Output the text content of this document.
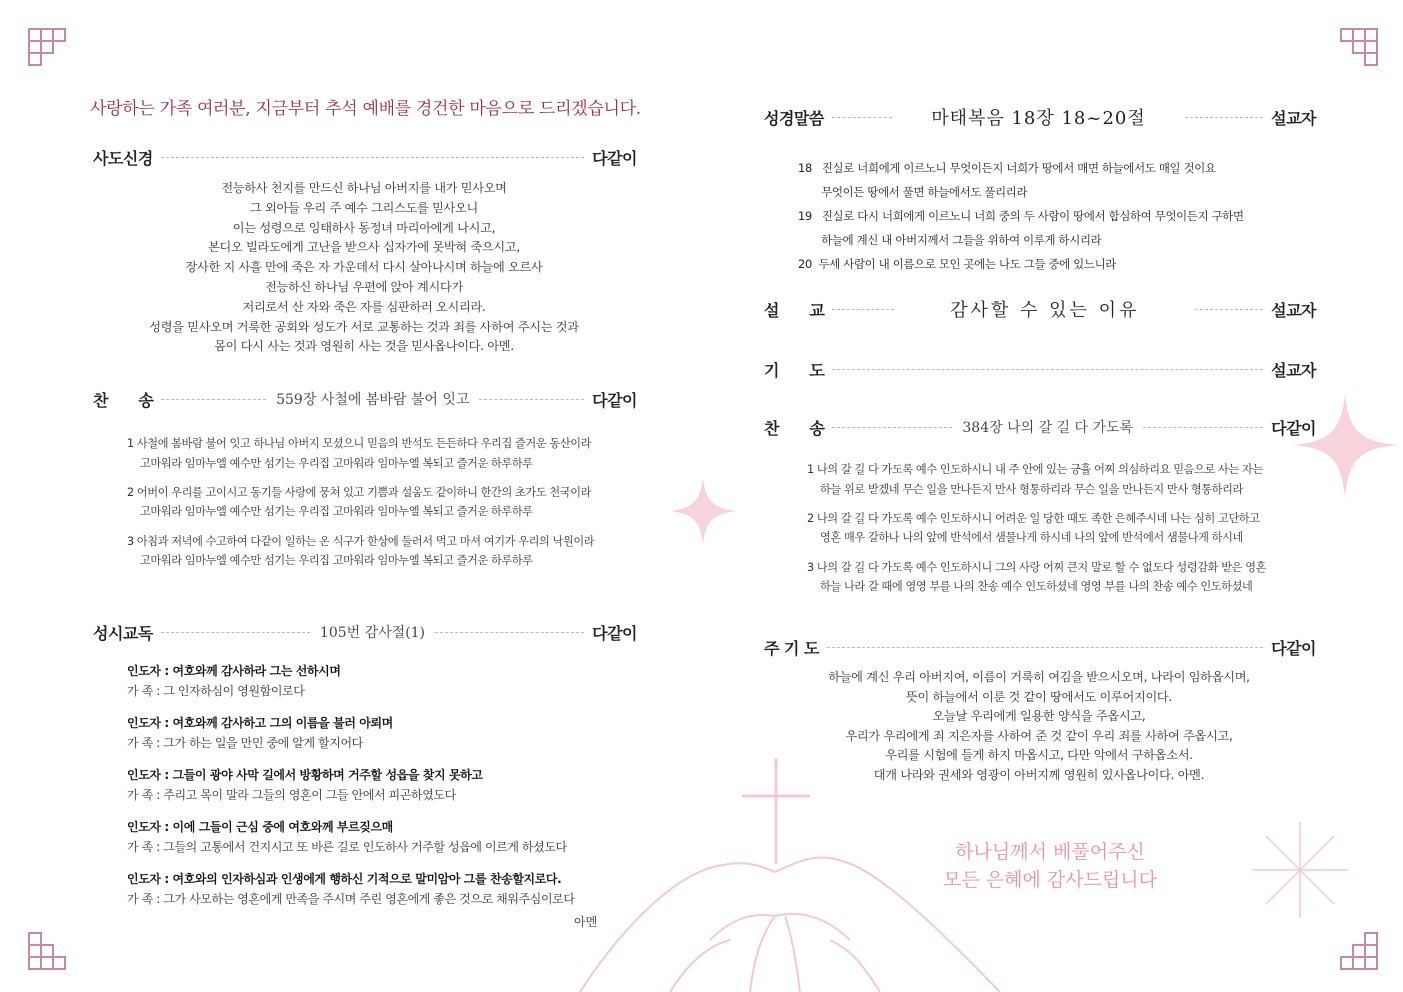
사랑하는 가족 여러분, 지금부터 추석 예배를 경건한 마음으로 드리겠습니다.
사도신경	다같이
전능하사 천지를 만드신 하나님 아버지를 내가 믿사오며
그 외아들 우리 주 예수 그리스도를 믿사오니
이는 성령으로 잉태하사 동정녀 마리아에게 나시고,
본디오 빌라도에게 고난을 받으사 십자가에 못박혀 죽으시고,
장사한 지 사흘 만에 죽은 자 가운데서 다시 살아나시며 하늘에 오르사
전능하신 하나님 우편에 앉아 계시다가
저리로서 산 자와 죽은 자를 심판하러 오시리라.
성령을 믿사오며 거룩한 공회와 성도가 서로 교통하는 것과 죄를 사하여 주시는 것과
몸이 다시 사는 것과 영원히 사는 것을 믿사옵나이다. 아멘.
찬      송	559장 사철에 봄바람 불어 잇고	다같이
1 사철에 봄바람 불어 잇고 하나님 아버지 모셨으니 믿음의 반석도 든든하다 우리집 즐거운 동산이라
고마워라 임마누엘 예수만 섬기는 우리집 고마워라 임마누엘 복되고 즐거운 하루하루
2 어버이 우리를 고이시고 동기들 사랑에 뭉쳐 있고 기쁨과 설움도 같이하니 한간의 초가도 천국이라
고마워라 임마누엘 예수만 섬기는 우리집 고마워라 임마누엘 복되고 즐거운 하루하루
3 아침과 저녁에 수고하여 다같이 일하는 온 식구가 한상에 둘러서 먹고 마셔 여기가 우리의 낙원이라
고마워라 임마누엘 예수만 섬기는 우리집 고마워라 임마누엘 복되고 즐거운 하루하루
성시교독	105번 감사절(1)	다같이
인도자 : 여호와께 감사하라 그는 선하시며
가 족 : 그 인자하심이 영원함이로다
인도자 : 여호와께 감사하고 그의 이름을 불러 아뢰며
가 족 : 그가 하는 일을 만민 중에 알게 할지어다
인도자 : 그들이 광야 사막 길에서 방황하며 거주할 성읍을 찾지 못하고
가 족 : 주리고 목이 말라 그들의 영혼이 그들 안에서 피곤하였도다
인도자 : 이에 그들이 근심 중에 여호와께 부르짖으매
가 족 : 그들의 고통에서 건지시고 또 바른 길로 인도하사 거주할 성읍에 이르게 하셨도다
인도자 : 여호와의 인자하심과 인생에게 행하신 기적으로 말미암아 그를 찬송할지로다.
가 족 : 그가 사모하는 영혼에게 만족을 주시며 주린 영혼에게 좋은 것으로 채워주심이로다
아멘
성경말씀	마태복음 18장 18~20절	설교자
18   진실로 너희에게 이르노니 무엇이든지 너희가 땅에서 매면 하늘에서도 매일 것이요
무엇이든 땅에서 풀면 하늘에서도 풀리리라
19   진실로 다시 너희에게 이르노니 너희 중의 두 사람이 땅에서 합심하여 무엇이든지 구하면
하늘에 계신 내 아버지께서 그들을 위하여 이루게 하시리라
20  두세 사람이 내 이름으로 모인 곳에는 나도 그들 중에 있느니라
설      교	감사할 수 있는 이유	설교자
기      도	설교자
찬      송	384장 나의 갈 길 다 가도록	다같이
1 나의 갈 길 다 가도록 예수 인도하시니 내 주 안에 있는 긍휼 어찌 의심하리요 믿음으로 사는 자는
하늘 위로 받겠네 무슨 일을 만나든지 만사 형통하리라 무슨 일을 만나든지 만사 형통하리라
2 나의 갈 길 다 가도록 예수 인도하시니 어려운 일 당한 때도 족한 은혜주시네 나는 심히 고단하고
영혼 매우 갈하나 나의 앞에 반석에서 샘물나게 하시네 나의 앞에 반석에서 샘물나게 하시네
3 나의 갈 길 다 가도록 예수 인도하시니 그의 사랑 어찌 큰지 말로 할 수 없도다 성령감화 받은 영혼
하늘 나라 갈 때에 영영 부를 나의 찬송 예수 인도하셨네 영영 부를 나의 찬송 예수 인도하셨네
주 기 도	다같이
하늘에 계신 우리 아버지여, 이름이 거룩히 여김을 받으시오며, 나라이 임하옵시며,
뜻이 하늘에서 이룬 것 같이 땅에서도 이루어지이다.
오늘날 우리에게 일용한 양식을 주옵시고,
우리가 우리에게 죄 지은자를 사하여 준 것 같이 우리 죄를 사하여 주옵시고,
우리를 시험에 들게 하지 마옵시고, 다만 악에서 구하옵소서.
대개 나라와 권세와 영광이 아버지께 영원히 있사옵나이다. 아멘.
하나님께서 베풀어주신
모든 은혜에 감사드립니다
